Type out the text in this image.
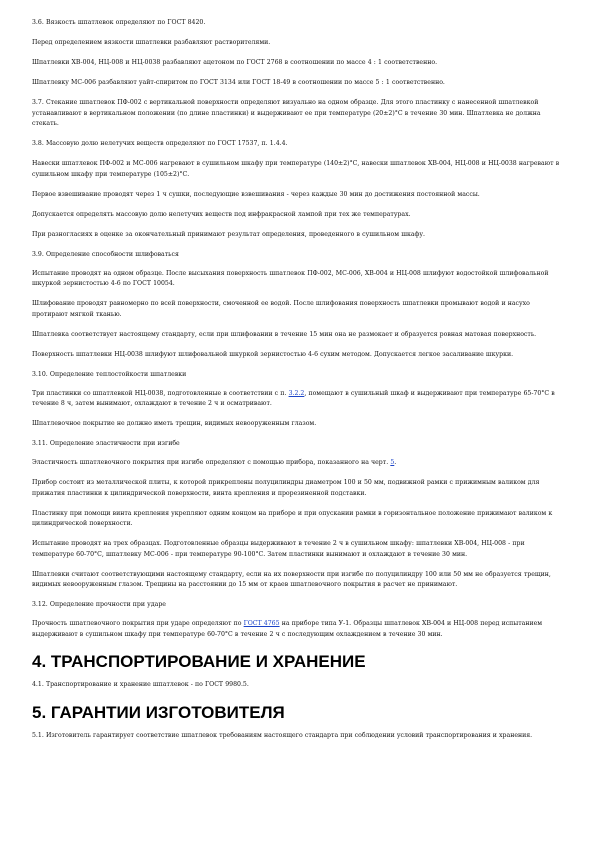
3.6. Вязкость шпатлевок определяют по ГОСТ 8420.

Перед определением вязкости шпатлевки разбавляют растворителями.

Шпатлевки ХВ-004, НЦ-008 и НЦ-0038 разбавляют ацетоном по ГОСТ 2768 в соотношении по массе 4 : 1 соответственно.

Шпатлевку МС-006 разбавляют уайт-спиритом по ГОСТ 3134 или ГОСТ 18-49 в соотношении по массе 5 : 1 соответственно.

3.7. Стекание шпатлевок ПФ-002 с вертикальной поверхности определяют визуально на одном образце. Для этого пластинку с нанесенной шпатлевкой устанавливают в вертикальном положении (по длине пластинки) и выдерживают ее при температуре (20±2)°С в течение 30 мин. Шпатлевка не должна стекать.

3.8. Массовую долю нелетучих веществ определяют по ГОСТ 17537, п. 1.4.4.

Навески шпатлевок ПФ-002 и МС-006 нагревают в сушильном шкафу при температуре (140±2)°С, навески шпатлевок ХВ-004, НЦ-008 и НЦ-0038 нагревают в сушильном шкафу при температуре (105±2)°С.

Первое взвешивание проводят через 1 ч сушки, последующие взвешивания - через каждые 30 мин до достижения постоянной массы.

Допускается определять массовую долю нелетучих веществ под инфракрасной лампой при тех же температурах.

При разногласиях в оценке за окончательный принимают результат определения, проведенного в сушильном шкафу.

3.9. Определение способности шлифоваться

Испытание проводят на одном образце. После высыхания поверхность шпатлевок ПФ-002, МС-006, ХВ-004 и НЦ-008 шлифуют водостойкой шлифовальной шкуркой зернистостью 4-6 по ГОСТ 10054.

Шлифование проводят равномерно по всей поверхности, смоченной ее водой. После шлифования поверхность шпатлевки промывают водой и насухо протирают мягкой тканью.

Шпатлевка соответствует настоящему стандарту, если при шлифовании в течение 15 мин она не размокает и образуется ровная матовая поверхность.

Поверхность шпатлевки НЦ-0038 шлифуют шлифовальной шкуркой зернистостью 4-6 сухим методом. Допускается легкое засаливание шкурки.

3.10. Определение теплостойкости шпатлевки

Три пластинки со шпатлевкой НЦ-0038, подготовленные в соответствии с п. 3.2.2, помещают в сушильный шкаф и выдерживают при температуре 65-70°С в течение 8 ч, затем вынимают, охлаждают в течение 2 ч и осматривают.

Шпатлевочное покрытие не должно иметь трещин, видимых невооруженным глазом.

3.11. Определение эластичности при изгибе

Эластичность шпатлевочного покрытия при изгибе определяют с помощью прибора, показанного на черт. 5.

Прибор состоит из металлической плиты, к которой прикреплены полуцилиндры диаметром 100 и 50 мм, подвижной рамки с прижимным валиком для прижатия пластинки к цилиндрической поверхности, винта крепления и прорезиненной подставки.

Пластинку при помощи винта крепления укрепляют одним концом на приборе и при опускании рамки в горизонтальное положение прижимают валиком к цилиндрической поверхности.

Испытание проводят на трех образцах. Подготовленные образцы выдерживают в течение 2 ч в сушильном шкафу: шпатлевки ХВ-004, НЦ-008 - при температуре 60-70°С, шпатлевку МС-006 - при температуре 90-100°С. Затем пластинки вынимают и охлаждают в течение 30 мин.

Шпатлевки считают соответствующими настоящему стандарту, если на их поверхности при изгибе по полуцилиндру 100 или 50 мм не образуется трещин, видимых невооруженным глазом. Трещины на расстоянии до 15 мм от краев шпатлевочного покрытия в расчет не принимают.

3.12. Определение прочности при ударе

Прочность шпатлевочного покрытия при ударе определяют по ГОСТ 4765 на приборе типа У-1. Образцы шпатлевок ХВ-004 и НЦ-008 перед испытанием выдерживают в сушильном шкафу при температуре 60-70°С в течение 2 ч с последующим охлаждением в течение 30 мин.

4. ТРАНСПОРТИРОВАНИЕ И ХРАНЕНИЕ

4.1. Транспортирование и хранение шпатлевок - по ГОСТ 9980.5.

5. ГАРАНТИИ ИЗГОТОВИТЕЛЯ

5.1. Изготовитель гарантирует соответствие шпатлевок требованиям настоящего стандарта при соблюдении условий транспортирования и хранения.
